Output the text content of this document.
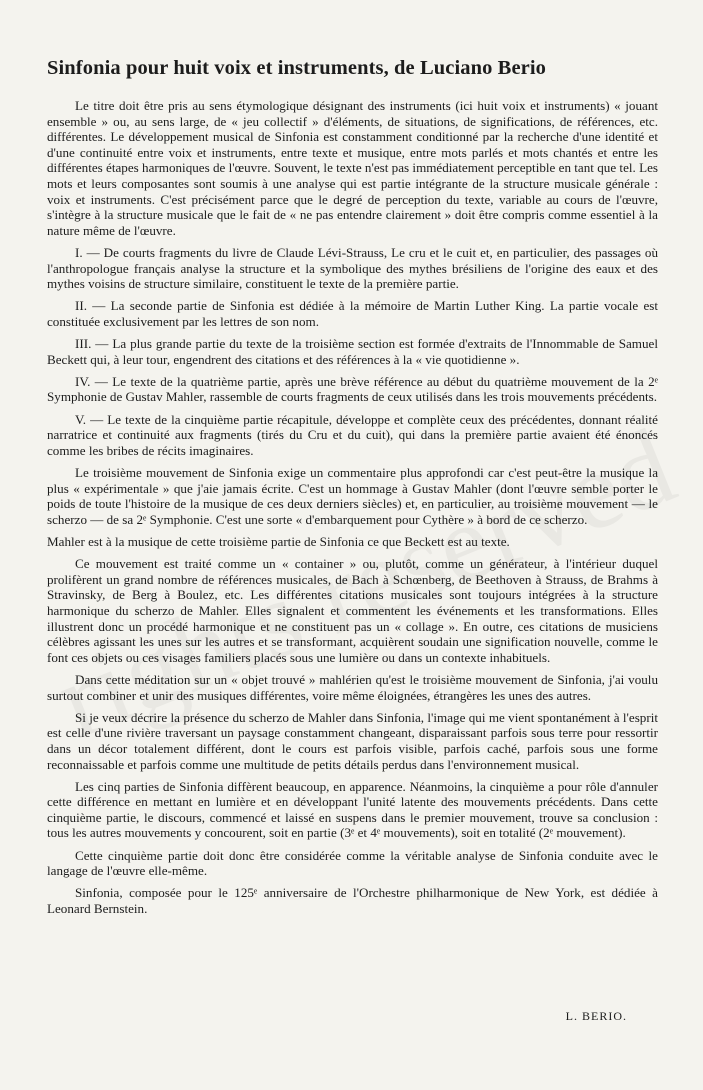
Sinfonia pour huit voix et instruments, de Luciano Berio

Le titre doit être pris au sens étymologique désignant des instruments (ici huit voix et instruments) « jouant ensemble » ou, au sens large, de « jeu collectif » d'éléments, de situations, de significations, de références, etc. différentes. Le développement musical de Sinfonia est constamment conditionné par la recherche d'une identité et d'une continuité entre voix et instruments, entre texte et musique, entre mots parlés et mots chantés et entre les différentes étapes harmoniques de l'œuvre. Souvent, le texte n'est pas immédiatement perceptible en tant que tel. Les mots et leurs composantes sont soumis à une analyse qui est partie intégrante de la structure musicale générale : voix et instruments. C'est précisément parce que le degré de perception du texte, variable au cours de l'œuvre, s'intègre à la structure musicale que le fait de « ne pas entendre clairement » doit être compris comme essentiel à la nature même de l'œuvre.

I. — De courts fragments du livre de Claude Lévi-Strauss, Le cru et le cuit et, en particulier, des passages où l'anthropologue français analyse la structure et la symbolique des mythes brésiliens de l'origine des eaux et des mythes voisins de structure similaire, constituent le texte de la première partie.

II. — La seconde partie de Sinfonia est dédiée à la mémoire de Martin Luther King. La partie vocale est constituée exclusivement par les lettres de son nom.

III. — La plus grande partie du texte de la troisième section est formée d'extraits de l'Innommable de Samuel Beckett qui, à leur tour, engendrent des citations et des références à la « vie quotidienne ».

IV. — Le texte de la quatrième partie, après une brève référence au début du quatrième mouvement de la 2ᵉ Symphonie de Gustav Mahler, rassemble de courts fragments de ceux utilisés dans les trois mouvements précédents.

V. — Le texte de la cinquième partie récapitule, développe et complète ceux des précédentes, donnant réalité narratrice et continuité aux fragments (tirés du Cru et du cuit), qui dans la première partie avaient été énoncés comme les bribes de récits imaginaires.

Le troisième mouvement de Sinfonia exige un commentaire plus approfondi car c'est peut-être la musique la plus « expérimentale » que j'aie jamais écrite. C'est un hommage à Gustav Mahler (dont l'œuvre semble porter le poids de toute l'histoire de la musique de ces deux derniers siècles) et, en particulier, au troisième mouvement — le scherzo — de sa 2ᵉ Symphonie. C'est une sorte « d'embarquement pour Cythère » à bord de ce scherzo.

Mahler est à la musique de cette troisième partie de Sinfonia ce que Beckett est au texte.

Ce mouvement est traité comme un « container » ou, plutôt, comme un générateur, à l'intérieur duquel prolifèrent un grand nombre de références musicales, de Bach à Schœnberg, de Beethoven à Strauss, de Brahms à Stravinsky, de Berg à Boulez, etc. Les différentes citations musicales sont toujours intégrées à la structure harmonique du scherzo de Mahler. Elles signalent et commentent les événements et les transformations. Elles illustrent donc un procédé harmonique et ne constituent pas un « collage ». En outre, ces citations de musiciens célèbres agissant les unes sur les autres et se transformant, acquièrent soudain une signification nouvelle, comme le font ces objets ou ces visages familiers placés sous une lumière ou dans un contexte inhabituels.

Dans cette méditation sur un « objet trouvé » mahlérien qu'est le troisième mouvement de Sinfonia, j'ai voulu surtout combiner et unir des musiques différentes, voire même éloignées, étrangères les unes des autres.

Si je veux décrire la présence du scherzo de Mahler dans Sinfonia, l'image qui me vient spontanément à l'esprit est celle d'une rivière traversant un paysage constamment changeant, disparaissant parfois sous terre pour ressortir dans un décor totalement différent, dont le cours est parfois visible, parfois caché, parfois sous une forme reconnaissable et parfois comme une multitude de petits détails perdus dans l'environnement musical.

Les cinq parties de Sinfonia diffèrent beaucoup, en apparence. Néanmoins, la cinquième a pour rôle d'annuler cette différence en mettant en lumière et en développant l'unité latente des mouvements précédents. Dans cette cinquième partie, le discours, commencé et laissé en suspens dans le premier mouvement, trouve sa conclusion : tous les autres mouvements y concourent, soit en partie (3ᵉ et 4ᵉ mouvements), soit en totalité (2ᵉ mouvement).

Cette cinquième partie doit donc être considérée comme la véritable analyse de Sinfonia conduite avec le langage de l'œuvre elle-même.

Sinfonia, composée pour le 125ᵉ anniversaire de l'Orchestre philharmonique de New York, est dédiée à Leonard Bernstein.

L. BERIO.
